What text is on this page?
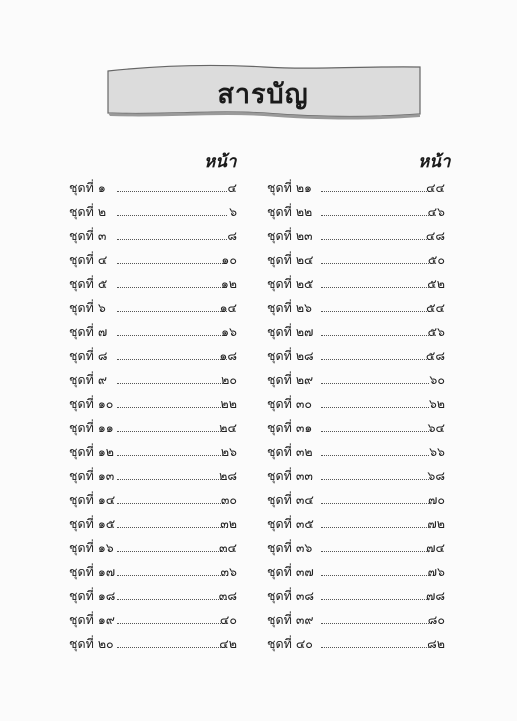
สารบัญ
หน้า	หน้า
ชุดที่ ๑	๔
ชุดที่ ๒	๖
ชุดที่ ๓	๘
ชุดที่ ๔	๑๐
ชุดที่ ๕	๑๒
ชุดที่ ๖	๑๔
ชุดที่ ๗	๑๖
ชุดที่ ๘	๑๘
ชุดที่ ๙	๒๐
ชุดที่ ๑๐	๒๒
ชุดที่ ๑๑	๒๔
ชุดที่ ๑๒	๒๖
ชุดที่ ๑๓	๒๘
ชุดที่ ๑๔	๓๐
ชุดที่ ๑๕	๓๒
ชุดที่ ๑๖	๓๔
ชุดที่ ๑๗	๓๖
ชุดที่ ๑๘	๓๘
ชุดที่ ๑๙	๔๐
ชุดที่ ๒๐	๔๒
ชุดที่ ๒๑	๔๔
ชุดที่ ๒๒	๔๖
ชุดที่ ๒๓	๔๘
ชุดที่ ๒๔	๕๐
ชุดที่ ๒๕	๕๒
ชุดที่ ๒๖	๕๔
ชุดที่ ๒๗	๕๖
ชุดที่ ๒๘	๕๘
ชุดที่ ๒๙	๖๐
ชุดที่ ๓๐	๖๒
ชุดที่ ๓๑	๖๔
ชุดที่ ๓๒	๖๖
ชุดที่ ๓๓	๖๘
ชุดที่ ๓๔	๗๐
ชุดที่ ๓๕	๗๒
ชุดที่ ๓๖	๗๔
ชุดที่ ๓๗	๗๖
ชุดที่ ๓๘	๗๘
ชุดที่ ๓๙	๘๐
ชุดที่ ๔๐	๘๒
